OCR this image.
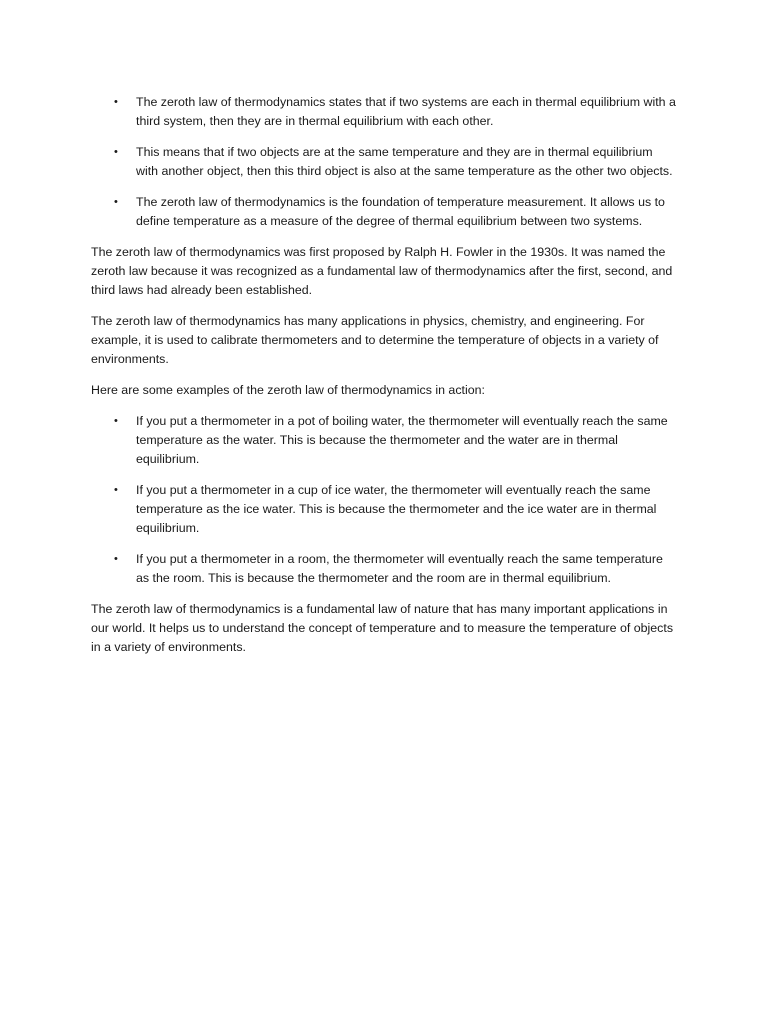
• The zeroth law of thermodynamics states that if two systems are each in thermal equilibrium with a third system, then they are in thermal equilibrium with each other.
• This means that if two objects are at the same temperature and they are in thermal equilibrium with another object, then this third object is also at the same temperature as the other two objects.
• The zeroth law of thermodynamics is the foundation of temperature measurement. It allows us to define temperature as a measure of the degree of thermal equilibrium between two systems.

The zeroth law of thermodynamics was first proposed by Ralph H. Fowler in the 1930s. It was named the zeroth law because it was recognized as a fundamental law of thermodynamics after the first, second, and third laws had already been established.

The zeroth law of thermodynamics has many applications in physics, chemistry, and engineering. For example, it is used to calibrate thermometers and to determine the temperature of objects in a variety of environments.

Here are some examples of the zeroth law of thermodynamics in action:

• If you put a thermometer in a pot of boiling water, the thermometer will eventually reach the same temperature as the water. This is because the thermometer and the water are in thermal equilibrium.
• If you put a thermometer in a cup of ice water, the thermometer will eventually reach the same temperature as the ice water. This is because the thermometer and the ice water are in thermal equilibrium.
• If you put a thermometer in a room, the thermometer will eventually reach the same temperature as the room. This is because the thermometer and the room are in thermal equilibrium.

The zeroth law of thermodynamics is a fundamental law of nature that has many important applications in our world. It helps us to understand the concept of temperature and to measure the temperature of objects in a variety of environments.
